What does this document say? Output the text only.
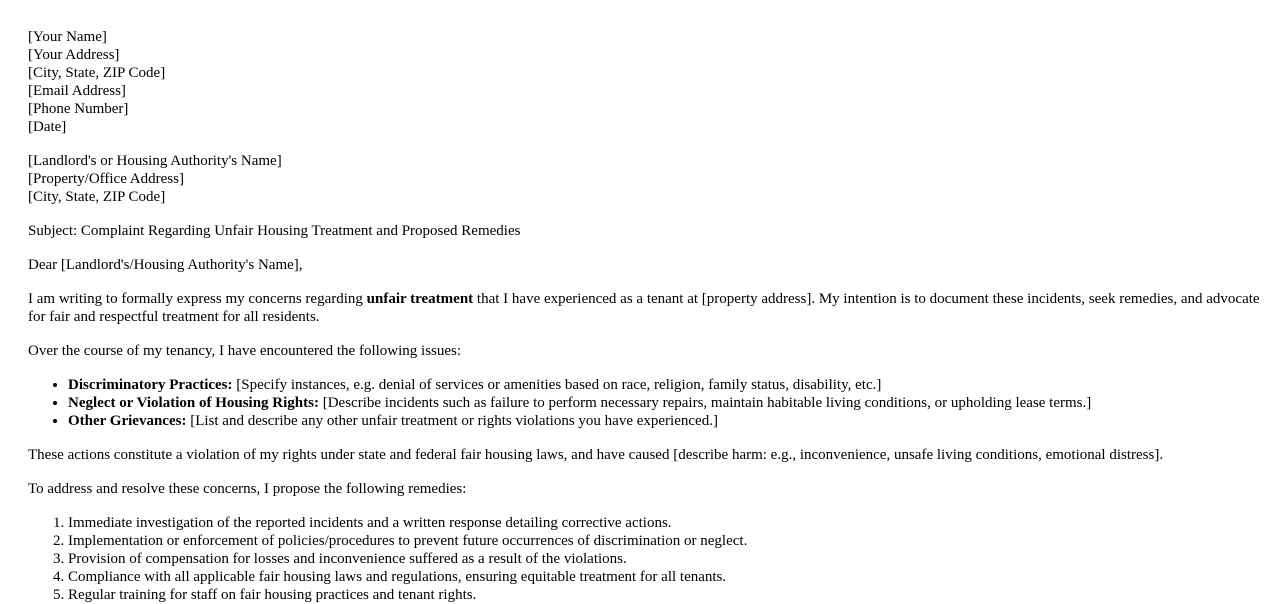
[Your Name]
[Your Address]
[City, State, ZIP Code]
[Email Address]
[Phone Number]
[Date]
[Landlord's or Housing Authority's Name]
[Property/Office Address]
[City, State, ZIP Code]

Subject: Complaint Regarding Unfair Housing Treatment and Proposed Remedies

Dear [Landlord's/Housing Authority's Name],

I am writing to formally express my concerns regarding unfair treatment that I have experienced as a tenant at [property address]. My intention is to document these incidents, seek remedies, and advocate for fair and respectful treatment for all residents.

Over the course of my tenancy, I have encountered the following issues:

• Discriminatory Practices: [Specify instances, e.g. denial of services or amenities based on race, religion, family status, disability, etc.]
• Neglect or Violation of Housing Rights: [Describe incidents such as failure to perform necessary repairs, maintain habitable living conditions, or upholding lease terms.]
• Other Grievances: [List and describe any other unfair treatment or rights violations you have experienced.]

These actions constitute a violation of my rights under state and federal fair housing laws, and have caused [describe harm: e.g., inconvenience, unsafe living conditions, emotional distress].

To address and resolve these concerns, I propose the following remedies:

1. Immediate investigation of the reported incidents and a written response detailing corrective actions.
2. Implementation or enforcement of policies/procedures to prevent future occurrences of discrimination or neglect.
3. Provision of compensation for losses and inconvenience suffered as a result of the violations.
4. Compliance with all applicable fair housing laws and regulations, ensuring equitable treatment for all tenants.
5. Regular training for staff on fair housing practices and tenant rights.
